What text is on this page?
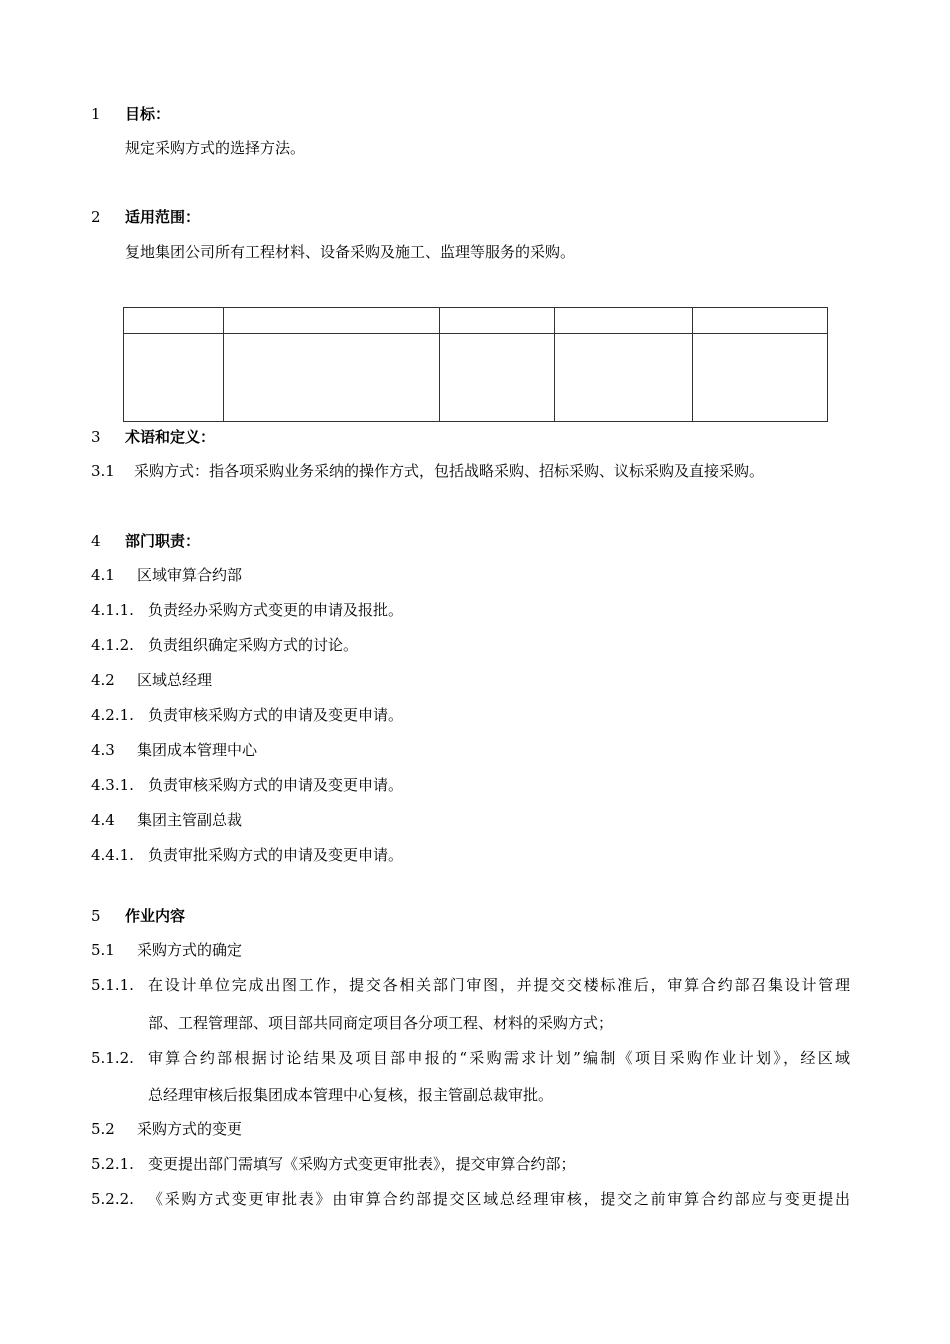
1 目标：
规定采购方式的选择方法。
2 适用范围：
复地集团公司所有工程材料、设备采购及施工、监理等服务的采购。

3 术语和定义：
3.1 采购方式：指各项采购业务采纳的操作方式，包括战略采购、招标采购、议标采购及直接采购。
4 部门职责：
4.1 区域审算合约部
4.1.1. 负责经办采购方式变更的申请及报批。
4.1.2. 负责组织确定采购方式的讨论。
4.2 区域总经理
4.2.1. 负责审核采购方式的申请及变更申请。
4.3 集团成本管理中心
4.3.1. 负责审核采购方式的申请及变更申请。
4.4 集团主管副总裁
4.4.1. 负责审批采购方式的申请及变更申请。
5 作业内容
5.1 采购方式的确定
5.1.1. 在设计单位完成出图工作，提交各相关部门审图，并提交交楼标准后，审算合约部召集设计管理
部、工程管理部、项目部共同商定项目各分项工程、材料的采购方式；
5.1.2. 审算合约部根据讨论结果及项目部申报的“采购需求计划”编制《项目采购作业计划》，经区域
总经理审核后报集团成本管理中心复核，报主管副总裁审批。
5.2 采购方式的变更
5.2.1. 变更提出部门需填写《采购方式变更审批表》，提交审算合约部；
5.2.2. 《采购方式变更审批表》由审算合约部提交区域总经理审核，提交之前审算合约部应与变更提出
